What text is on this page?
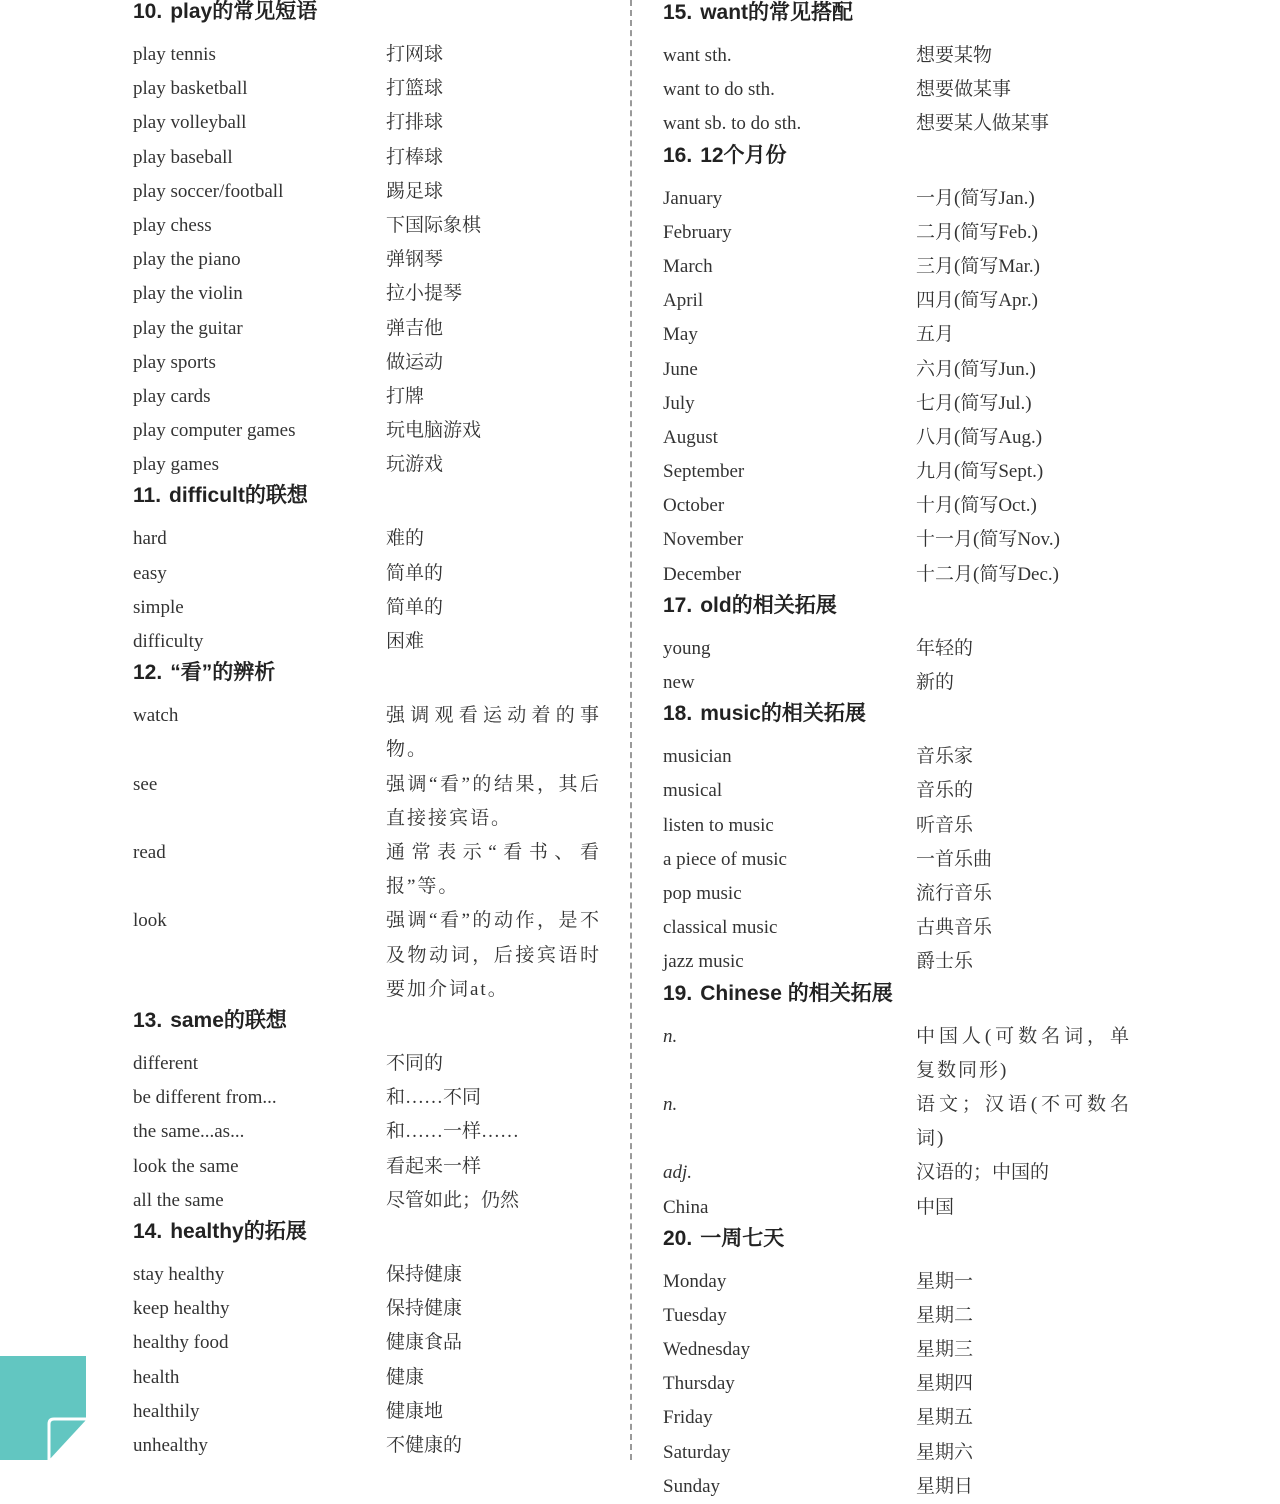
10. play的常见短语
play tennis	打网球
play basketball	打篮球
play volleyball	打排球
play baseball	打棒球
play soccer/football	踢足球
play chess	下国际象棋
play the piano	弹钢琴
play the violin	拉小提琴
play the guitar	弹吉他
play sports	做运动
play cards	打牌
play computer games	玩电脑游戏
play games	玩游戏
11. difficult的联想
hard	难的
easy	简单的
simple	简单的
difficulty	困难
12. “看”的辨析
watch	强调观看运动着的事物。
see	强调“看”的结果，其后直接接宾语。
read	通常表示“看书、看报”等。
look	强调“看”的动作，是不及物动词，后接宾语时要加介词at。
13. same的联想
different	不同的
be different from...	和……不同
the same...as...	和……一样……
look the same	看起来一样
all the same	尽管如此；仍然
14. healthy的拓展
stay healthy	保持健康
keep healthy	保持健康
healthy food	健康食品
health	健康
healthily	健康地
unhealthy	不健康的
15. want的常见搭配
want sth.	想要某物
want to do sth.	想要做某事
want sb. to do sth.	想要某人做某事
16. 12个月份
January	一月(简写Jan.)
February	二月(简写Feb.)
March	三月(简写Mar.)
April	四月(简写Apr.)
May	五月
June	六月(简写Jun.)
July	七月(简写Jul.)
August	八月(简写Aug.)
September	九月(简写Sept.)
October	十月(简写Oct.)
November	十一月(简写Nov.)
December	十二月(简写Dec.)
17. old的相关拓展
young	年轻的
new	新的
18. music的相关拓展
musician	音乐家
musical	音乐的
listen to music	听音乐
a piece of music	一首乐曲
pop music	流行音乐
classical music	古典音乐
jazz music	爵士乐
19. Chinese 的相关拓展
n.	中国人(可数名词，单复数同形)
n.	语文；汉语(不可数名词)
adj.	汉语的；中国的
China	中国
20. 一周七天
Monday	星期一
Tuesday	星期二
Wednesday	星期三
Thursday	星期四
Friday	星期五
Saturday	星期六
Sunday	星期日
